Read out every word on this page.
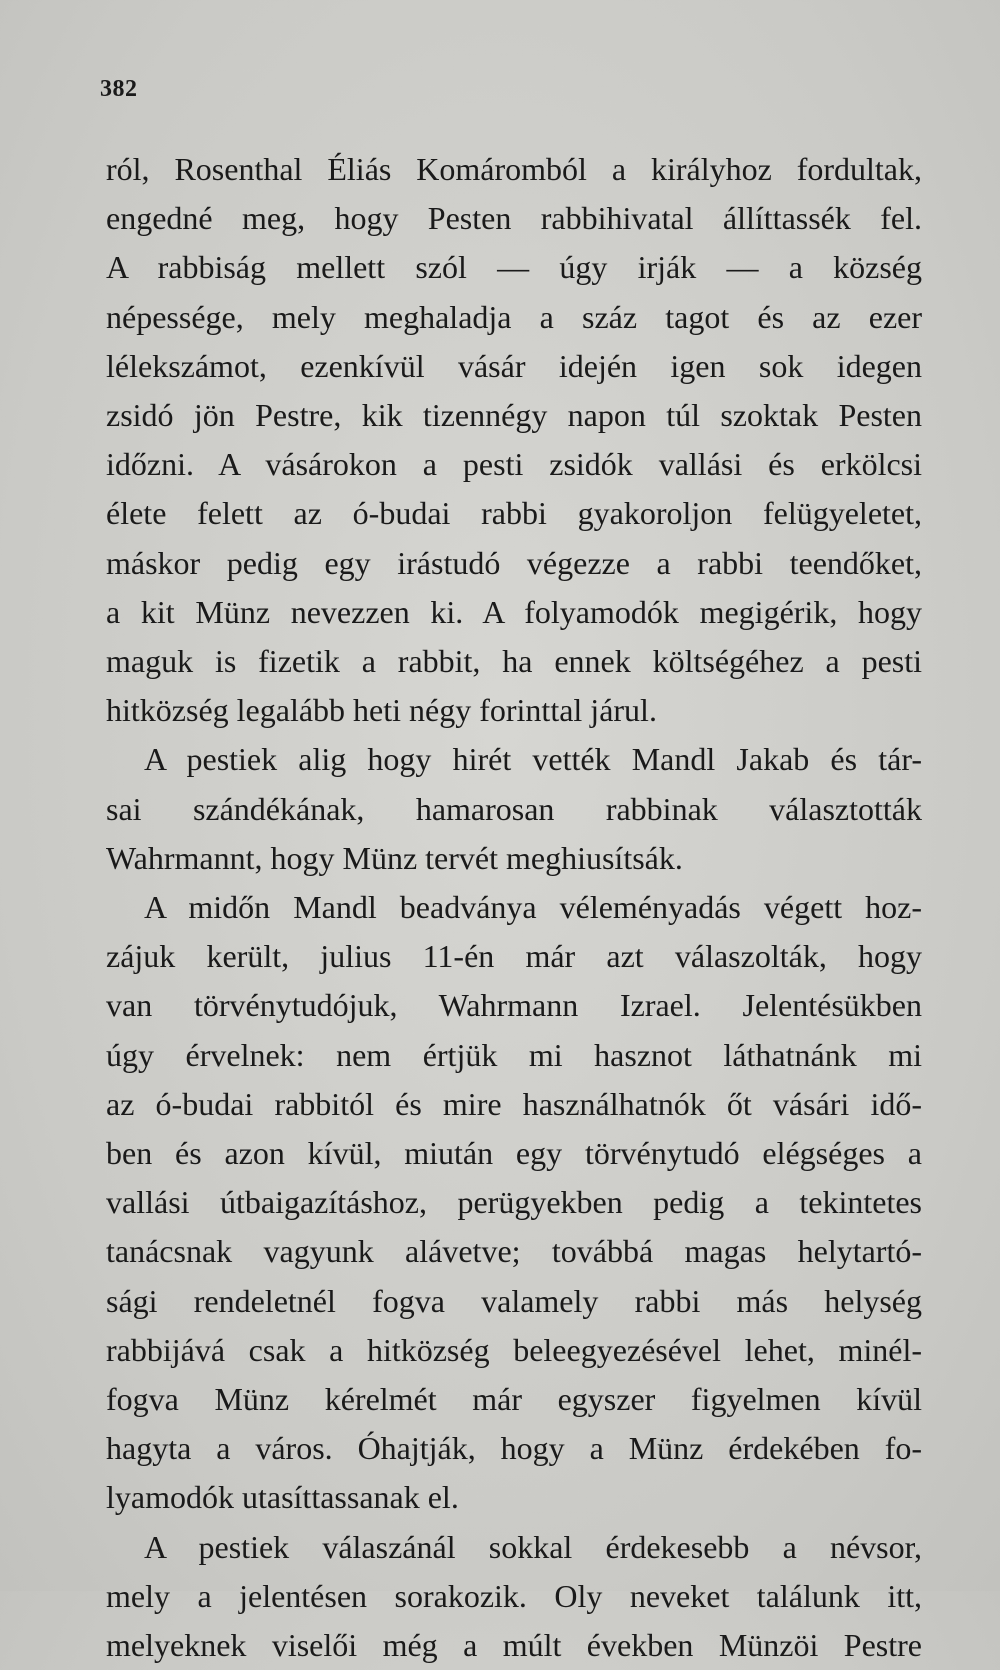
382
ról, Rosenthal Éliás Komáromból a királyhoz fordultak,
engedné meg, hogy Pesten rabbihivatal állíttassék fel.
A rabbiság mellett szól — úgy irják — a község
népessége, mely meghaladja a száz tagot és az ezer
lélekszámot, ezenkívül vásár idején igen sok idegen
zsidó jön Pestre, kik tizennégy napon túl szoktak Pesten
időzni. A vásárokon a pesti zsidók vallási és erkölcsi
élete felett az ó-budai rabbi gyakoroljon felügyeletet,
máskor pedig egy irástudó végezze a rabbi teendőket,
a kit Münz nevezzen ki. A folyamodók megigérik, hogy
maguk is fizetik a rabbit, ha ennek költségéhez a pesti
hitközség legalább heti négy forinttal járul.
A pestiek alig hogy hirét vették Mandl Jakab és tár-
sai szándékának, hamarosan rabbinak választották
Wahrmannt, hogy Münz tervét meghiusítsák.
A midőn Mandl beadványa véleményadás végett hoz-
zájuk került, julius 11-én már azt válaszolták, hogy
van törvénytudójuk, Wahrmann Izrael. Jelentésükben
úgy érvelnek: nem értjük mi hasznot láthatnánk mi
az ó-budai rabbitól és mire használhatnók őt vásári idő-
ben és azon kívül, miután egy törvénytudó elégséges a
vallási útbaigazításhoz, perügyekben pedig a tekintetes
tanácsnak vagyunk alávetve; továbbá magas helytartó-
sági rendeletnél fogva valamely rabbi más helység
rabbijává csak a hitközség beleegyezésével lehet, minél-
fogva Münz kérelmét már egyszer figyelmen kívül
hagyta a város. Óhajtják, hogy a Münz érdekében fo-
lyamodók utasíttassanak el.
A pestiek válaszánál sokkal érdekesebb a névsor,
mely a jelentésen sorakozik. Oly neveket találunk itt,
melyeknek viselői még a múlt években Münzöi Pestre
